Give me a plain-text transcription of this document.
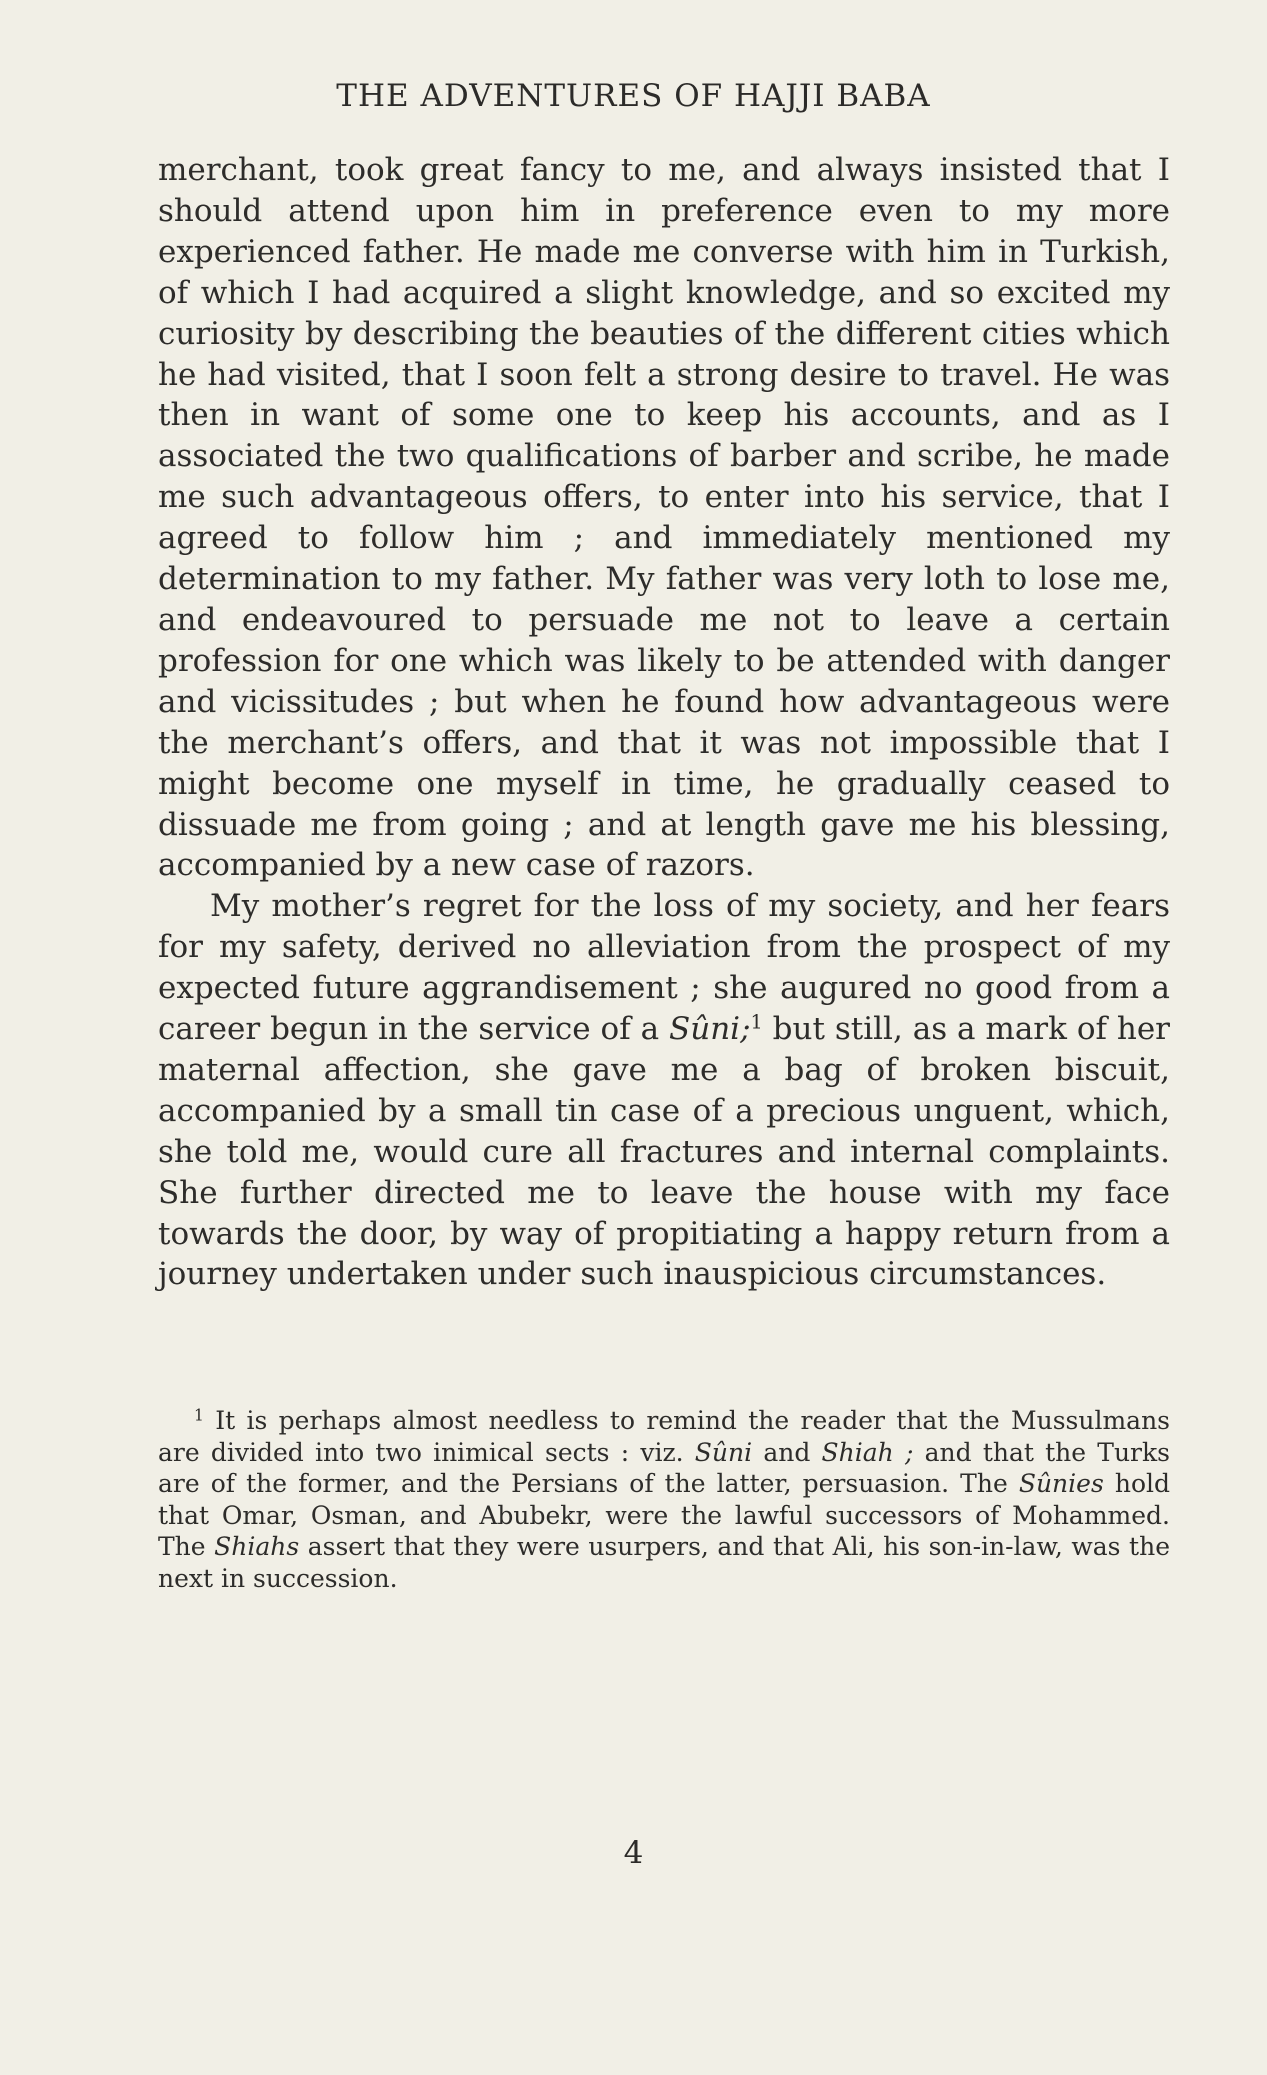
THE ADVENTURES OF HAJJI BABA

merchant, took great fancy to me, and always insisted that I should attend upon him in preference even to my more experienced father. He made me converse with him in Turkish, of which I had acquired a slight knowledge, and so excited my curiosity by describing the beauties of the different cities which he had visited, that I soon felt a strong desire to travel. He was then in want of some one to keep his accounts, and as I associated the two qualifications of barber and scribe, he made me such advantageous offers, to enter into his service, that I agreed to follow him ; and immediately mentioned my determination to my father. My father was very loth to lose me, and endeavoured to persuade me not to leave a certain profession for one which was likely to be attended with danger and vicissitudes ; but when he found how advantageous were the merchant’s offers, and that it was not impossible that I might become one myself in time, he gradually ceased to dissuade me from going ; and at length gave me his blessing, accompanied by a new case of razors.

My mother’s regret for the loss of my society, and her fears for my safety, derived no alleviation from the prospect of my expected future aggrandisement ; she augured no good from a career begun in the service of a Sûni;$^1$ but still, as a mark of her maternal affection, she gave me a bag of broken biscuit, accompanied by a small tin case of a precious unguent, which, she told me, would cure all fractures and internal complaints. She further directed me to leave the house with my face towards the door, by way of propitiating a happy return from a journey undertaken under such inauspicious circumstances.

$^1$ It is perhaps almost needless to remind the reader that the Mussulmans are divided into two inimical sects : viz. Sûni and Shiah ; and that the Turks are of the former, and the Persians of the latter, persuasion. The Sûnies hold that Omar, Osman, and Abubekr, were the lawful successors of Mohammed. The Shiahs assert that they were usurpers, and that Ali, his son-in-law, was the next in succession.
4
